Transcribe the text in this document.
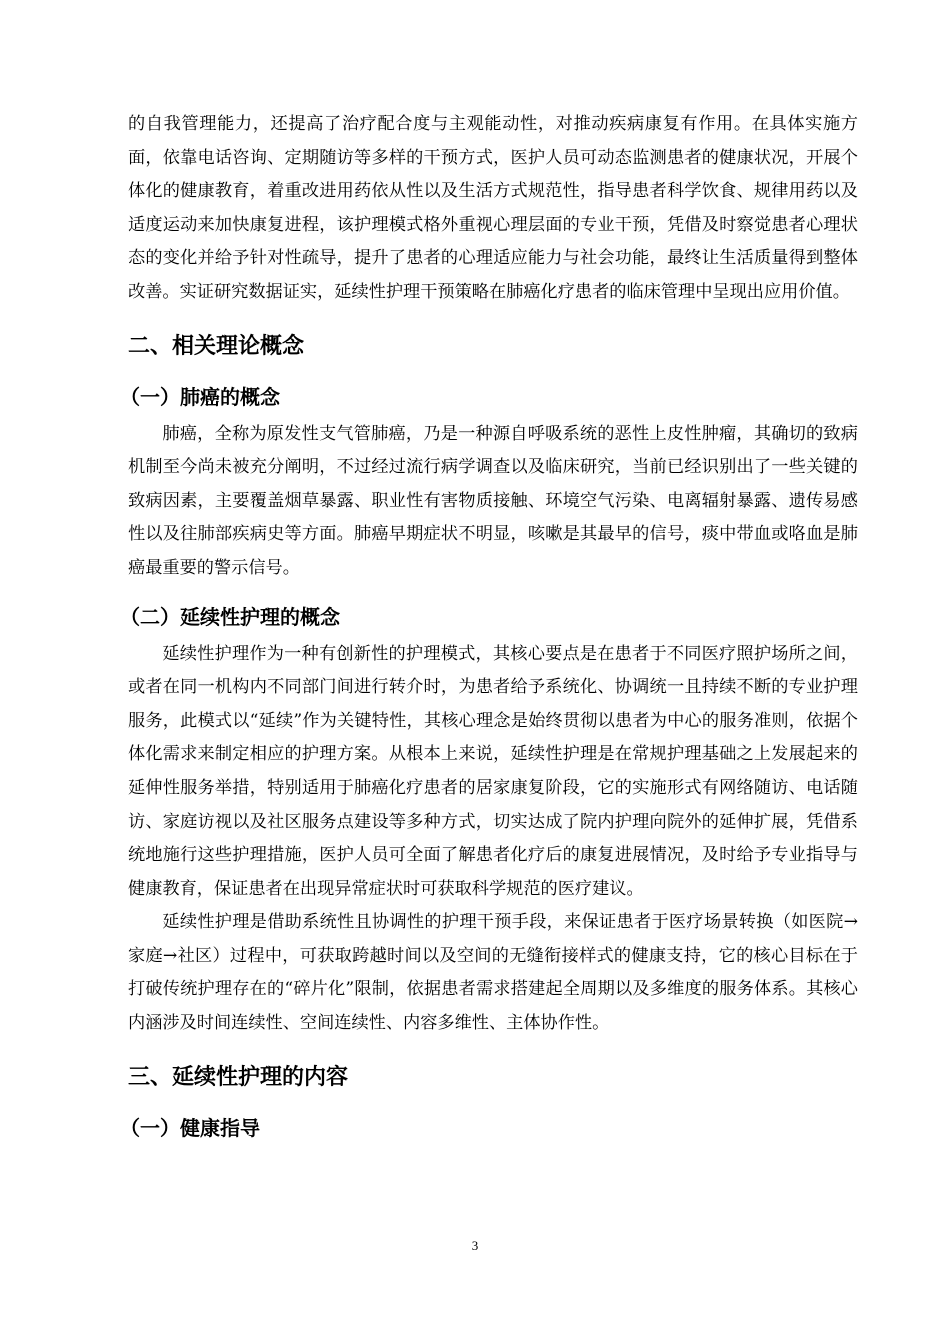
的自我管理能力，还提高了治疗配合度与主观能动性，对推动疾病康复有作用。在具体实施方面，依靠电话咨询、定期随访等多样的干预方式，医护人员可动态监测患者的健康状况，开展个体化的健康教育，着重改进用药依从性以及生活方式规范性，指导患者科学饮食、规律用药以及适度运动来加快康复进程，该护理模式格外重视心理层面的专业干预，凭借及时察觉患者心理状态的变化并给予针对性疏导，提升了患者的心理适应能力与社会功能，最终让生活质量得到整体改善。实证研究数据证实，延续性护理干预策略在肺癌化疗患者的临床管理中呈现出应用价值。

二、相关理论概念
（一）肺癌的概念

肺癌，全称为原发性支气管肺癌，乃是一种源自呼吸系统的恶性上皮性肿瘤，其确切的致病机制至今尚未被充分阐明，不过经过流行病学调查以及临床研究，当前已经识别出了一些关键的致病因素，主要覆盖烟草暴露、职业性有害物质接触、环境空气污染、电离辐射暴露、遗传易感性以及往肺部疾病史等方面。肺癌早期症状不明显，咳嗽是其最早的信号，痰中带血或咯血是肺癌最重要的警示信号。

（二）延续性护理的概念

延续性护理作为一种有创新性的护理模式，其核心要点是在患者于不同医疗照护场所之间，或者在同一机构内不同部门间进行转介时，为患者给予系统化、协调统一且持续不断的专业护理服务，此模式以“延续”作为关键特性，其核心理念是始终贯彻以患者为中心的服务准则，依据个体化需求来制定相应的护理方案。从根本上来说，延续性护理是在常规护理基础之上发展起来的延伸性服务举措，特别适用于肺癌化疗患者的居家康复阶段，它的实施形式有网络随访、电话随访、家庭访视以及社区服务点建设等多种方式，切实达成了院内护理向院外的延伸扩展，凭借系统地施行这些护理措施，医护人员可全面了解患者化疗后的康复进展情况，及时给予专业指导与健康教育，保证患者在出现异常症状时可获取科学规范的医疗建议。

延续性护理是借助系统性且协调性的护理干预手段，来保证患者于医疗场景转换（如医院→家庭→社区）过程中，可获取跨越时间以及空间的无缝衔接样式的健康支持，它的核心目标在于打破传统护理存在的“碎片化”限制，依据患者需求搭建起全周期以及多维度的服务体系。其核心内涵涉及时间连续性、空间连续性、内容多维性、主体协作性。

三、延续性护理的内容
（一）健康指导
3
